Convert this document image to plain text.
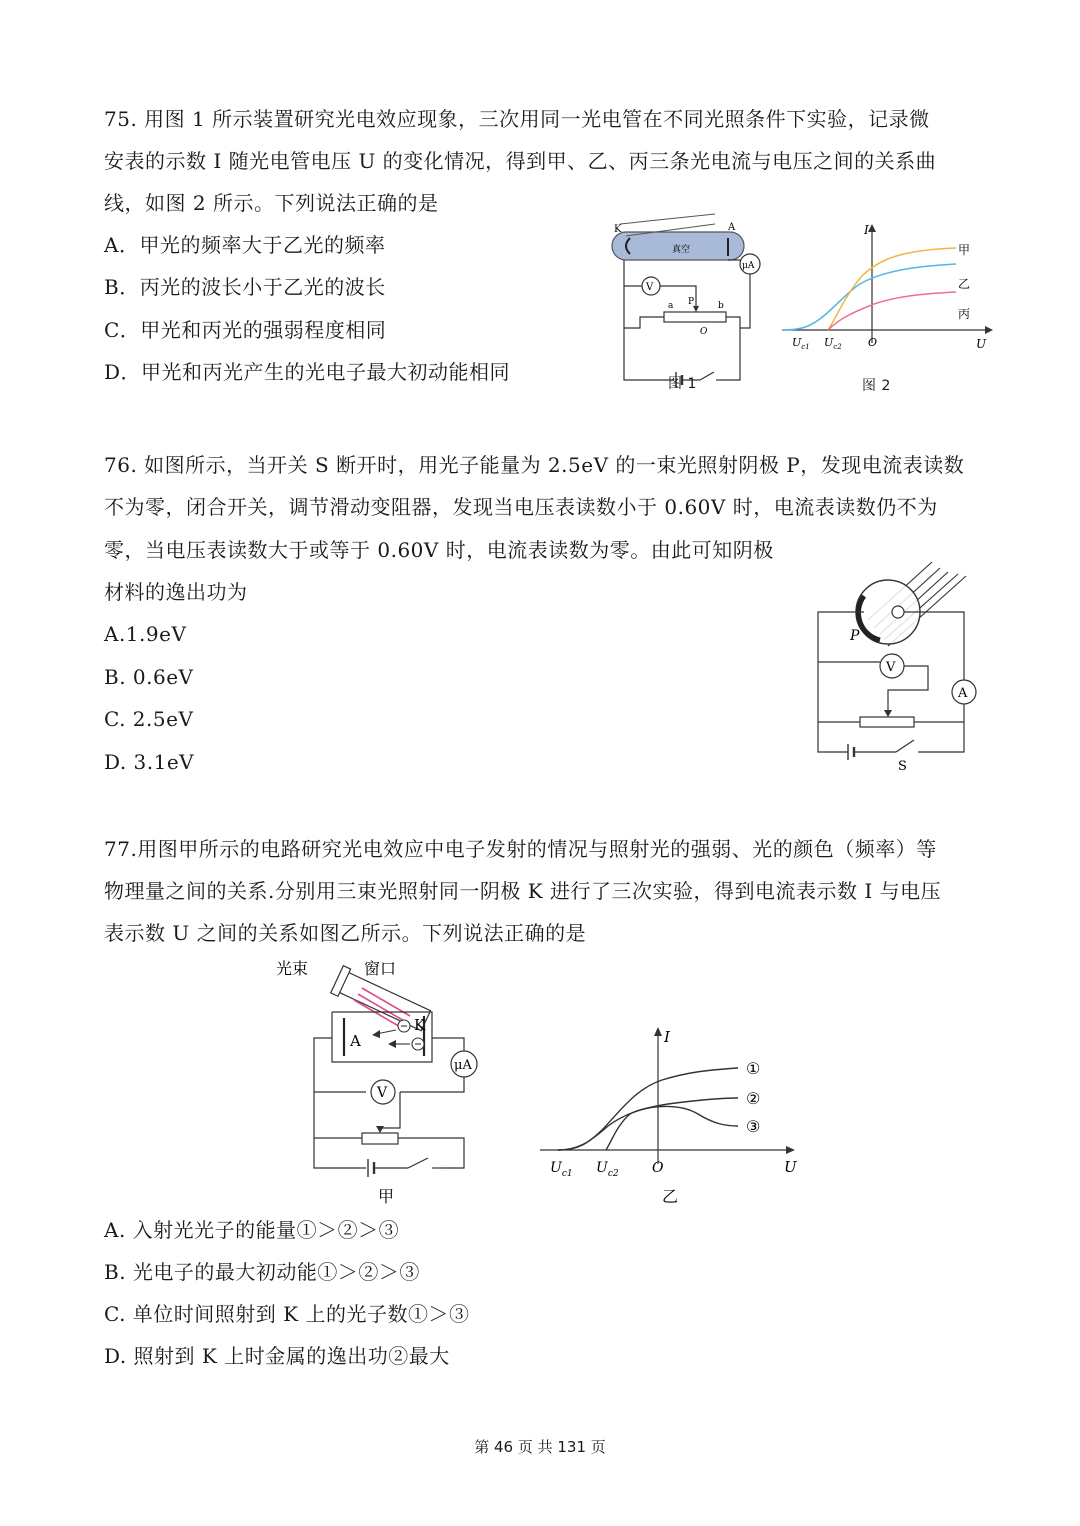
75. 用图 1 所示装置研究光电效应现象，三次用同一光电管在不同光照条件下实验，记录微
安表的示数 I 随光电管电压 U 的变化情况，得到甲、乙、丙三条光电流与电压之间的关系曲
线，如图 2 所示。下列说法正确的是
A．甲光的频率大于乙光的频率
B．丙光的波长小于乙光的波长
C．甲光和丙光的强弱程度相同
D．甲光和丙光产生的光电子最大初动能相同
K	A
真空
μA
V
a P	b
O
图 1
I
U
O
$U_{c1}$ $U_{c2}$
甲
乙
丙
图 2
76. 如图所示，当开关 S 断开时，用光子能量为 2.5eV 的一束光照射阴极 P，发现电流表读数
不为零，闭合开关，调节滑动变阻器，发现当电压表读数小于 0.60V 时，电流表读数仍不为
零，当电压表读数大于或等于 0.60V 时，电流表读数为零。由此可知阴极
材料的逸出功为
A.1.9eV
B. 0.6eV
C. 2.5eV
D. 3.1eV
P
V
A
S
77.用图甲所示的电路研究光电效应中电子发射的情况与照射光的强弱、光的颜色（频率）等
物理量之间的关系.分别用三束光照射同一阴极 K 进行了三次实验，得到电流表示数 I 与电压
表示数 U 之间的关系如图乙所示。下列说法正确的是
光束	窗口
A
K
μA
V
甲
I
U
O
$U_{c1}$ $U_{c2}$
①
②
③
乙
A. 入射光光子的能量①＞②＞③
B. 光电子的最大初动能①＞②＞③
C. 单位时间照射到 K 上的光子数①＞③
D. 照射到 K 上时金属的逸出功②最大
第 46 页 共 131 页
